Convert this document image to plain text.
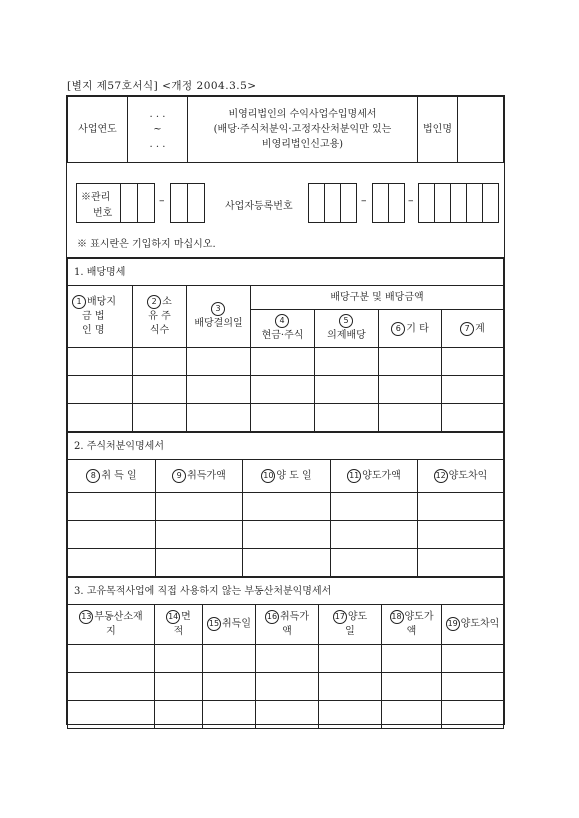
[별지 제57호서식] <개정 2004.3.5>
사업연도	
. . .
~
. . .

비영리법인의 수익사업수입명세서
(배당·주식처분익·고정자산처분익만 있는
비영리법인신고용)
	법인명	
※관리
번호
–	사업자등록번호	–	–
※ 표시란은 기입하지 마십시오.
1. 배당명세						
1 배당지
금 법
인 명	2 소
유 주
식수	3
배당결의일	배당구분 및 배당금액			
			4
현금·주식	5
의제배당	6 기 타	7 계

2. 주식처분익명세서				
8 취 득 일	9 취득가액	10 양 도 일	11 양도가액	12 양도차익

3. 고유목적사업에 직접 사용하지 않는 부동산처분익명세서						
13 부동산소재
지	14 면
적	15 취득일	16 취득가
액	17 양도
일	18 양도가
액	19 양도차익
